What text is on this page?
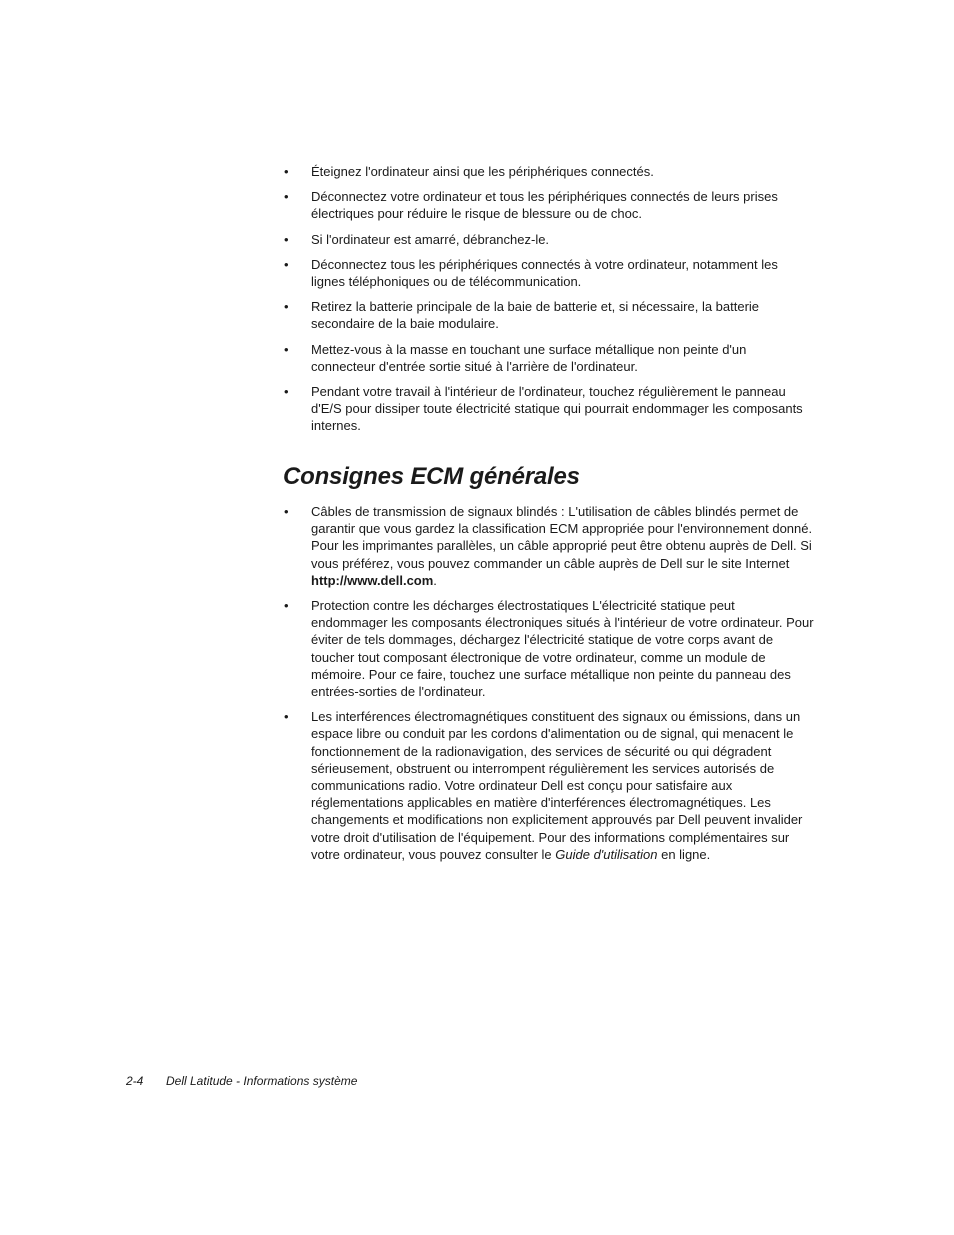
• Éteignez l'ordinateur ainsi que les périphériques connectés.
• Déconnectez votre ordinateur et tous les périphériques connectés de leurs prises électriques pour réduire le risque de blessure ou de choc.
• Si l'ordinateur est amarré, débranchez-le.
• Déconnectez tous les périphériques connectés à votre ordinateur, notamment les lignes téléphoniques ou de télécommunication.
• Retirez la batterie principale de la baie de batterie et, si nécessaire, la batterie secondaire de la baie modulaire.
• Mettez-vous à la masse en touchant une surface métallique non peinte d'un connecteur d'entrée sortie situé à l'arrière de l'ordinateur.
• Pendant votre travail à l'intérieur de l'ordinateur, touchez régulièrement le panneau d'E/S pour dissiper toute électricité statique qui pourrait endommager les composants internes.
Consignes ECM générales
• Câbles de transmission de signaux blindés : L'utilisation de câbles blindés permet de garantir que vous gardez la classification ECM appropriée pour l'environnement donné. Pour les imprimantes parallèles, un câble approprié peut être obtenu auprès de Dell. Si vous préférez, vous pouvez commander un câble auprès de Dell sur le site Internet http://www.dell.com.
• Protection contre les décharges électrostatiques L'électricité statique peut endommager les composants électroniques situés à l'intérieur de votre ordinateur. Pour éviter de tels dommages, déchargez l'électricité statique de votre corps avant de toucher tout composant électronique de votre ordinateur, comme un module de mémoire. Pour ce faire, touchez une surface métallique non peinte du panneau des entrées-sorties de l'ordinateur.
• Les interférences électromagnétiques constituent des signaux ou émissions, dans un espace libre ou conduit par les cordons d'alimentation ou de signal, qui menacent le fonctionnement de la radionavigation, des services de sécurité ou qui dégradent sérieusement, obstruent ou interrompent régulièrement les services autorisés de communications radio. Votre ordinateur Dell est conçu pour satisfaire aux réglementations applicables en matière d'interférences électromagnétiques. Les changements et modifications non explicitement approuvés par Dell peuvent invalider votre droit d'utilisation de l'équipement. Pour des informations complémentaires sur votre ordinateur, vous pouvez consulter le Guide d'utilisation en ligne.
2-4 Dell Latitude - Informations système
